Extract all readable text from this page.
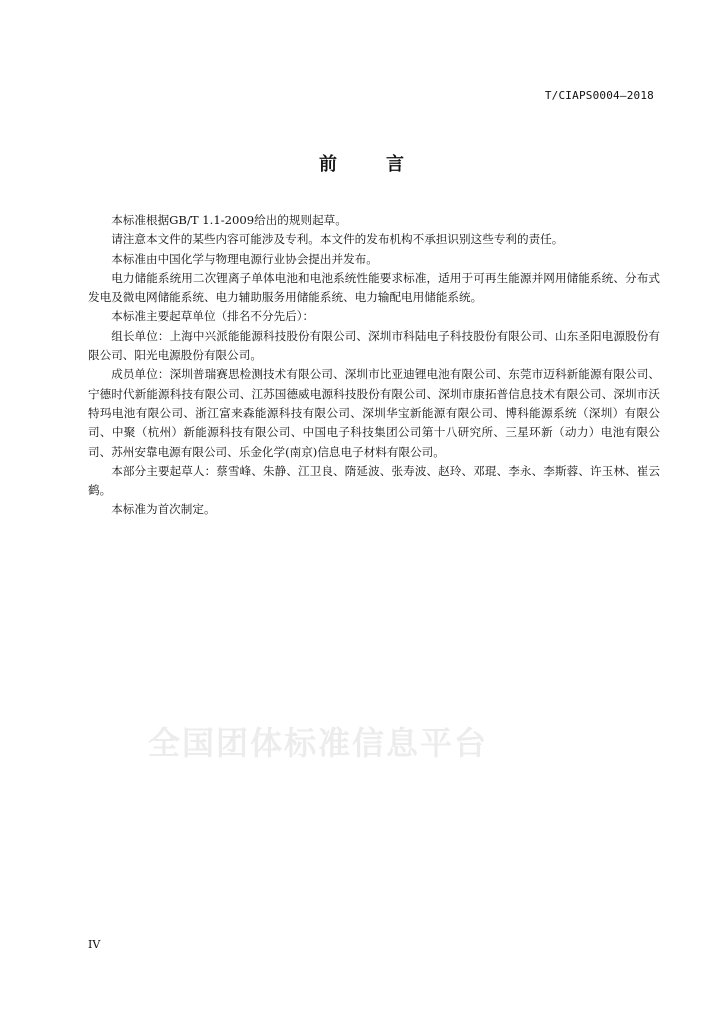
T/CIAPS0004—2018
前	言

本标准根据GB/T 1.1-2009给出的规则起草。

请注意本文件的某些内容可能涉及专利。本文件的发布机构不承担识别这些专利的责任。

本标准由中国化学与物理电源行业协会提出并发布。

电力储能系统用二次锂离子单体电池和电池系统性能要求标准，适用于可再生能源并网用储能系统、分布式发电及微电网储能系统、电力辅助服务用储能系统、电力输配电用储能系统。

本标准主要起草单位（排名不分先后）：

组长单位：上海中兴派能能源科技股份有限公司、深圳市科陆电子科技股份有限公司、山东圣阳电源股份有限公司、阳光电源股份有限公司。

成员单位：深圳普瑞赛思检测技术有限公司、深圳市比亚迪锂电池有限公司、东莞市迈科新能源有限公司、宁德时代新能源科技有限公司、江苏国德威电源科技股份有限公司、深圳市康拓普信息技术有限公司、深圳市沃特玛电池有限公司、浙江富来森能源科技有限公司、深圳华宝新能源有限公司、博科能源系统（深圳）有限公司、中聚（杭州）新能源科技有限公司、中国电子科技集团公司第十八研究所、三星环新（动力）电池有限公司、苏州安靠电源有限公司、乐金化学(南京)信息电子材料有限公司。

本部分主要起草人：蔡雪峰、朱静、江卫良、隋延波、张寿波、赵玲、邓琨、李永、李斯蓉、许玉林、崔云鹤。

本标准为首次制定。

全国团体标准信息平台
IV
